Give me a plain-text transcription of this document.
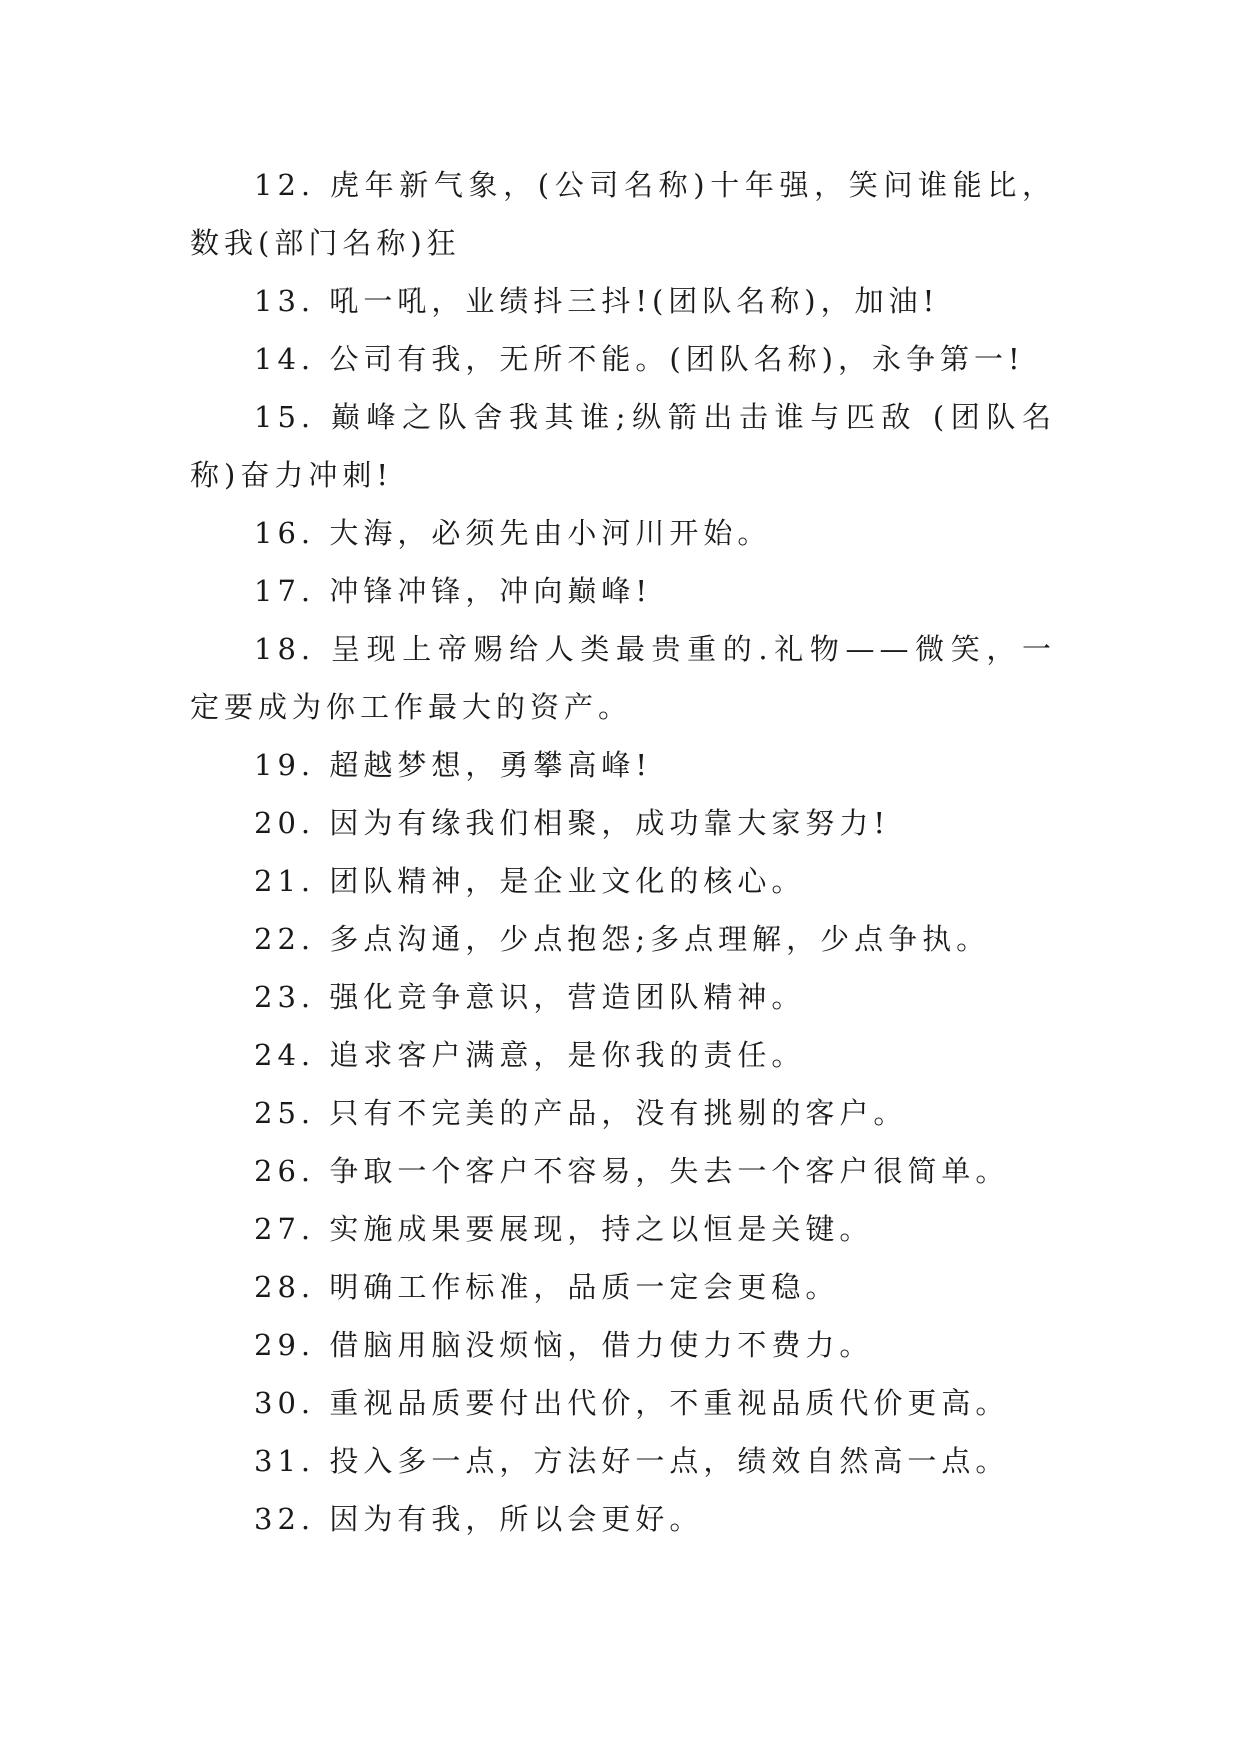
12. 虎年新气象，(公司名称)十年强，笑问谁能比，数我(部门名称)狂

13. 吼一吼，业绩抖三抖!(团队名称)，加油!

14. 公司有我，无所不能。(团队名称)，永争第一!

15. 巅峰之队舍我其谁;纵箭出击谁与匹敌 (团队名称)奋力冲刺!

16. 大海，必须先由小河川开始。

17. 冲锋冲锋，冲向巅峰!

18. 呈现上帝赐给人类最贵重的.礼物——微笑，一定要成为你工作最大的资产。

19. 超越梦想，勇攀高峰!

20. 因为有缘我们相聚，成功靠大家努力!

21. 团队精神，是企业文化的核心。

22. 多点沟通，少点抱怨;多点理解，少点争执。

23. 强化竞争意识，营造团队精神。

24. 追求客户满意，是你我的责任。

25. 只有不完美的产品，没有挑剔的客户。

26. 争取一个客户不容易，失去一个客户很简单。

27. 实施成果要展现，持之以恒是关键。

28. 明确工作标准，品质一定会更稳。

29. 借脑用脑没烦恼，借力使力不费力。

30. 重视品质要付出代价，不重视品质代价更高。

31. 投入多一点，方法好一点，绩效自然高一点。

32. 因为有我，所以会更好。
